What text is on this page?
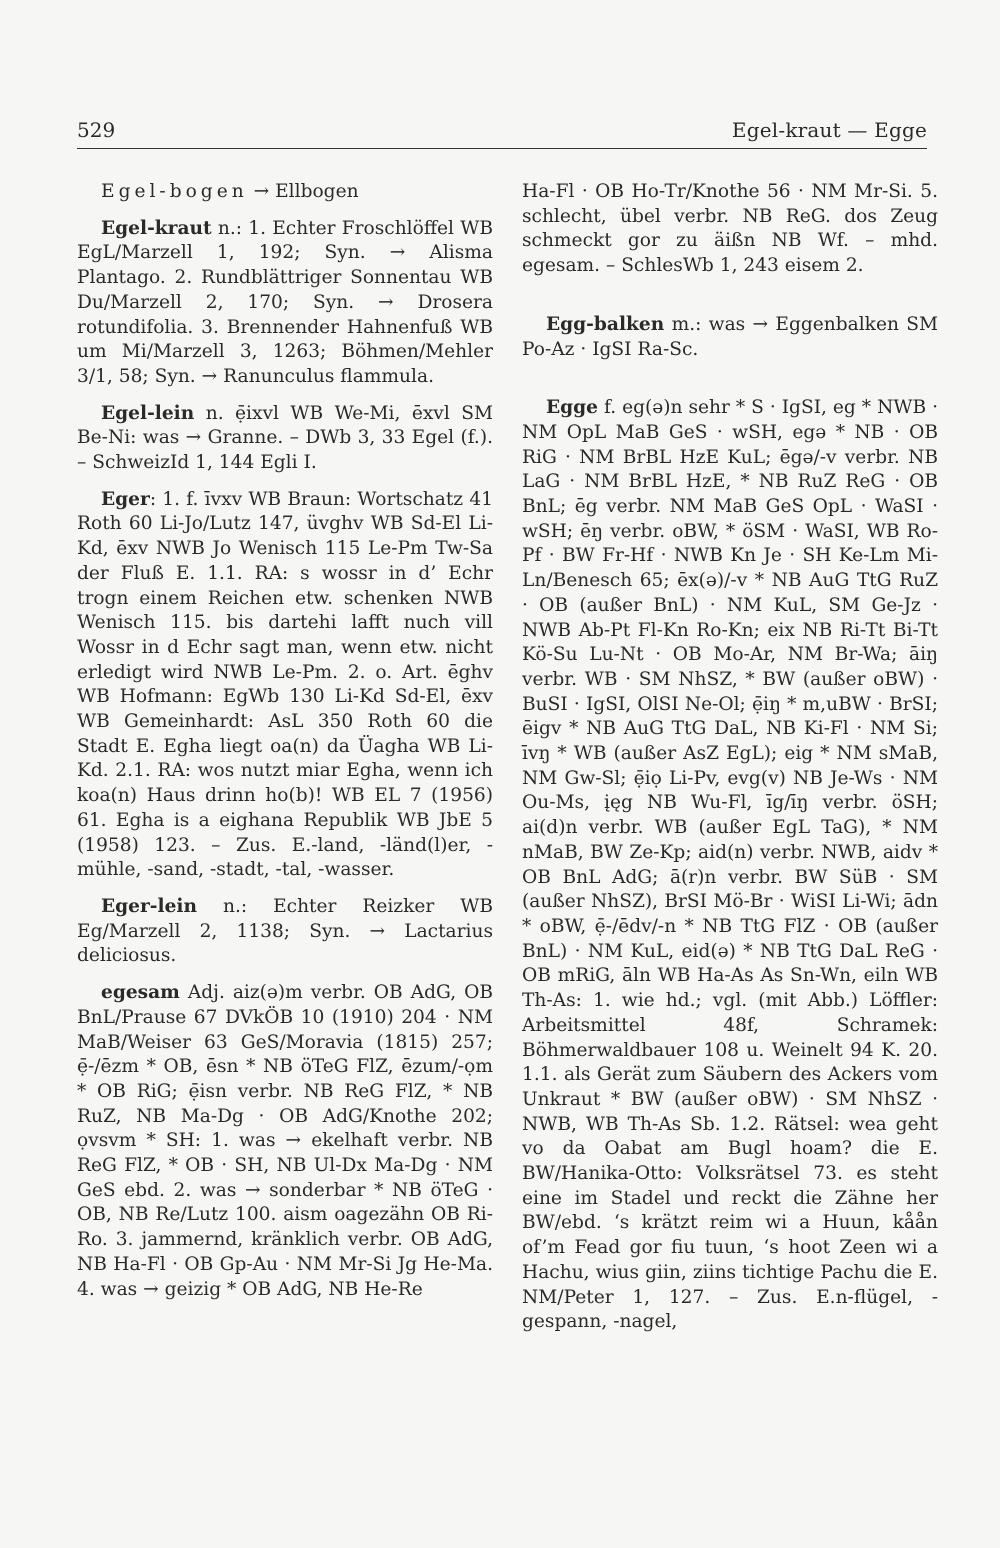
529	Egel-kraut — Egge

Egel-bogen → Ellbogen

Egel-kraut n.: 1. Echter Froschlöffel WB EgL/Marzell 1, 192; Syn. → Alisma Plantago. 2. Rundblättriger Sonnentau WB Du/Marzell 2, 170; Syn. → Drosera rotundifolia. 3. Brennender Hahnenfuß WB um Mi/Marzell 3, 1263; Böhmen/Mehler 3/1, 58; Syn. → Ranunculus flammula.

Egel-lein n. ẹ̄ixvl WB We-Mi, ēxvl SM Be-Ni: was → Granne. – DWb 3, 33 Egel (f.). – SchweizId 1, 144 Egli I.

Eger: 1. f. īvxv WB Braun: Wortschatz 41 Roth 60 Li-Jo/Lutz 147, üvghv WB Sd-El Li-Kd, ēxv NWB Jo Wenisch 115 Le-Pm Tw-Sa der Fluß E. 1.1. RA: s wossr in d’ Echr trogn einem Reichen etw. schenken NWB Wenisch 115. bis dartehi lafft nuch vill Wossr in d Echr sagt man, wenn etw. nicht erledigt wird NWB Le-Pm. 2. o. Art. ēghv WB Hofmann: EgWb 130 Li-Kd Sd-El, ēxv WB Gemeinhardt: AsL 350 Roth 60 die Stadt E. Egha liegt oa(n) da Üagha WB Li-Kd. 2.1. RA: wos nutzt miar Egha, wenn ich koa(n) Haus drinn ho(b)! WB EL 7 (1956) 61. Egha is a eighana Republik WB JbE 5 (1958) 123. – Zus. E.-land, -länd(l)er, -mühle, -sand, -stadt, -tal, -wasser.

Eger-lein n.: Echter Reizker WB Eg/Marzell 2, 1138; Syn. → Lactarius deliciosus.

egesam Adj. aiz(ə)m verbr. OB AdG, OB BnL/Prause 67 DVkÖB 10 (1910) 204 · NM MaB/Weiser 63 GeS/Moravia (1815) 257; ẹ̄-/ēzm * OB, ēsn * NB öTeG FlZ, ēzum/-ọm * OB RiG; ẹ̄isn verbr. NB ReG FlZ, * NB RuZ, NB Ma-Dg · OB AdG/Knothe 202; ọvsvm * SH: 1. was → ekelhaft verbr. NB ReG FlZ, * OB · SH, NB Ul-Dx Ma-Dg · NM GeS ebd. 2. was → sonderbar * NB öTeG · OB, NB Re/Lutz 100. aism oagezähn OB Ri-Ro. 3. jammernd, kränklich verbr. OB AdG, NB Ha-Fl · OB Gp-Au · NM Mr-Si Jg He-Ma. 4. was → geizig * OB AdG, NB He-Re

Ha-Fl · OB Ho-Tr/Knothe 56 · NM Mr-Si. 5. schlecht, übel verbr. NB ReG. dos Zeug schmeckt gor zu äißn NB Wf. – mhd. egesam. – SchlesWb 1, 243 eisem 2.

Egg-balken m.: was → Eggenbalken SM Po-Az · IgSI Ra-Sc.

Egge f. eg(ə)n sehr * S · IgSI, eg * NWB · NM OpL MaB GeS · wSH, egə * NB · OB RiG · NM BrBL HzE KuL; ēgə/-v verbr. NB LaG · NM BrBL HzE, * NB RuZ ReG · OB BnL; ēg verbr. NM MaB GeS OpL · WaSI · wSH; ēŋ verbr. oBW, * öSM · WaSI, WB Ro-Pf · BW Fr-Hf · NWB Kn Je · SH Ke-Lm Mi-Ln/Benesch 65; ēx(ə)/-v * NB AuG TtG RuZ · OB (außer BnL) · NM KuL, SM Ge-Jz · NWB Ab-Pt Fl-Kn Ro-Kn; eix NB Ri-Tt Bi-Tt Kö-Su Lu-Nt · OB Mo-Ar, NM Br-Wa; āiŋ verbr. WB · SM NhSZ, * BW (außer oBW) · BuSI · IgSI, OlSI Ne-Ol; ẹ̄iŋ * m,uBW · BrSI; ēigv * NB AuG TtG DaL, NB Ki-Fl · NM Si; īvŋ * WB (außer AsZ EgL); eig * NM sMaB, NM Gw-Sl; ẹ̄iọ Li-Pv, evg(v) NB Je-Ws · NM Ou-Ms, įęg NB Wu-Fl, īg/īŋ verbr. öSH; ai(d)n verbr. WB (außer EgL TaG), * NM nMaB, BW Ze-Kp; aid(n) verbr. NWB, aidv * OB BnL AdG; ā(r)n verbr. BW SüB · SM (außer NhSZ), BrSI Mö-Br · WiSI Li-Wi; ādn * oBW, ẹ̄-/ēdv/-n * NB TtG FlZ · OB (außer BnL) · NM KuL, eid(ə) * NB TtG DaL ReG · OB mRiG, āln WB Ha-As As Sn-Wn, eiln WB Th-As: 1. wie hd.; vgl. (mit Abb.) Löffler: Arbeitsmittel 48f, Schramek: Böhmerwaldbauer 108 u. Weinelt 94 K. 20. 1.1. als Gerät zum Säubern des Ackers vom Unkraut * BW (außer oBW) · SM NhSZ · NWB, WB Th-As Sb. 1.2. Rätsel: wea geht vo da Oabat am Bugl hoam? die E. BW/Hanika-Otto: Volksrätsel 73. es steht eine im Stadel und reckt die Zähne her BW/ebd. ‘s krätzt reim wi a Huun, kåån of’m Fead gor fiu tuun, ‘s hoot Zeen wi a Hachu, wius giin, ziins tichtige Pachu die E. NM/Peter 1, 127. – Zus. E.n-flügel, -gespann, -nagel,
